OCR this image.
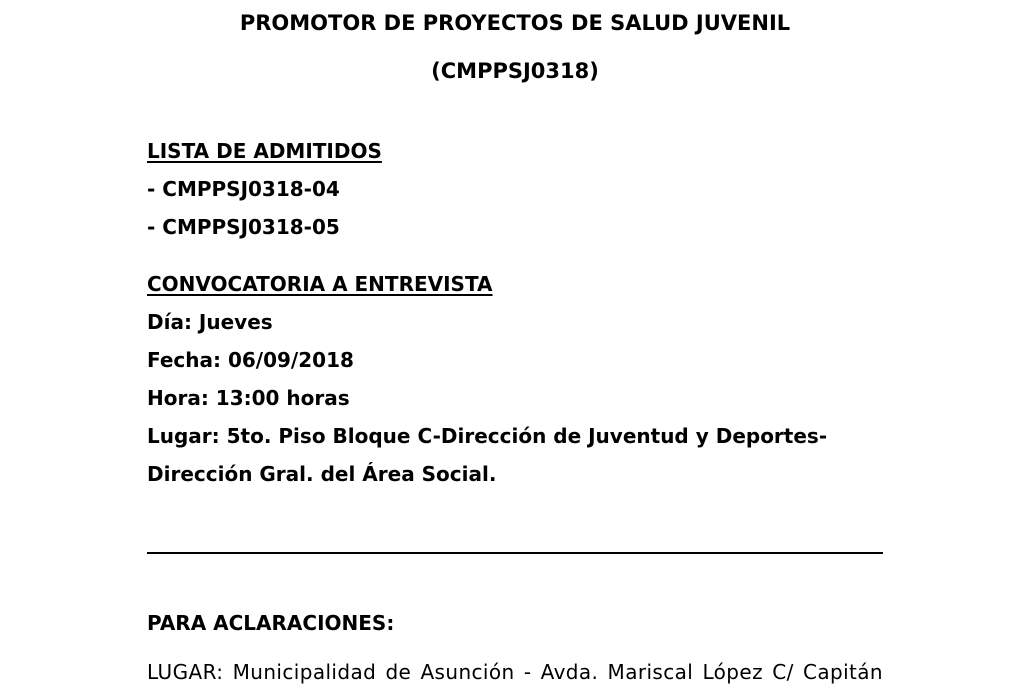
PROMOTOR DE PROYECTOS DE SALUD JUVENIL
(CMPPSJ0318)
LISTA DE ADMITIDOS
- CMPPSJ0318-04
- CMPPSJ0318-05
CONVOCATORIA A ENTREVISTA
Día: Jueves
Fecha: 06/09/2018
Hora: 13:00 horas
Lugar: 5to. Piso Bloque C-Dirección de Juventud y Deportes-
Dirección Gral. del Área Social.
PARA ACLARACIONES:
LUGAR: Municipalidad de Asunción - Avda. Mariscal López C/ Capitán
